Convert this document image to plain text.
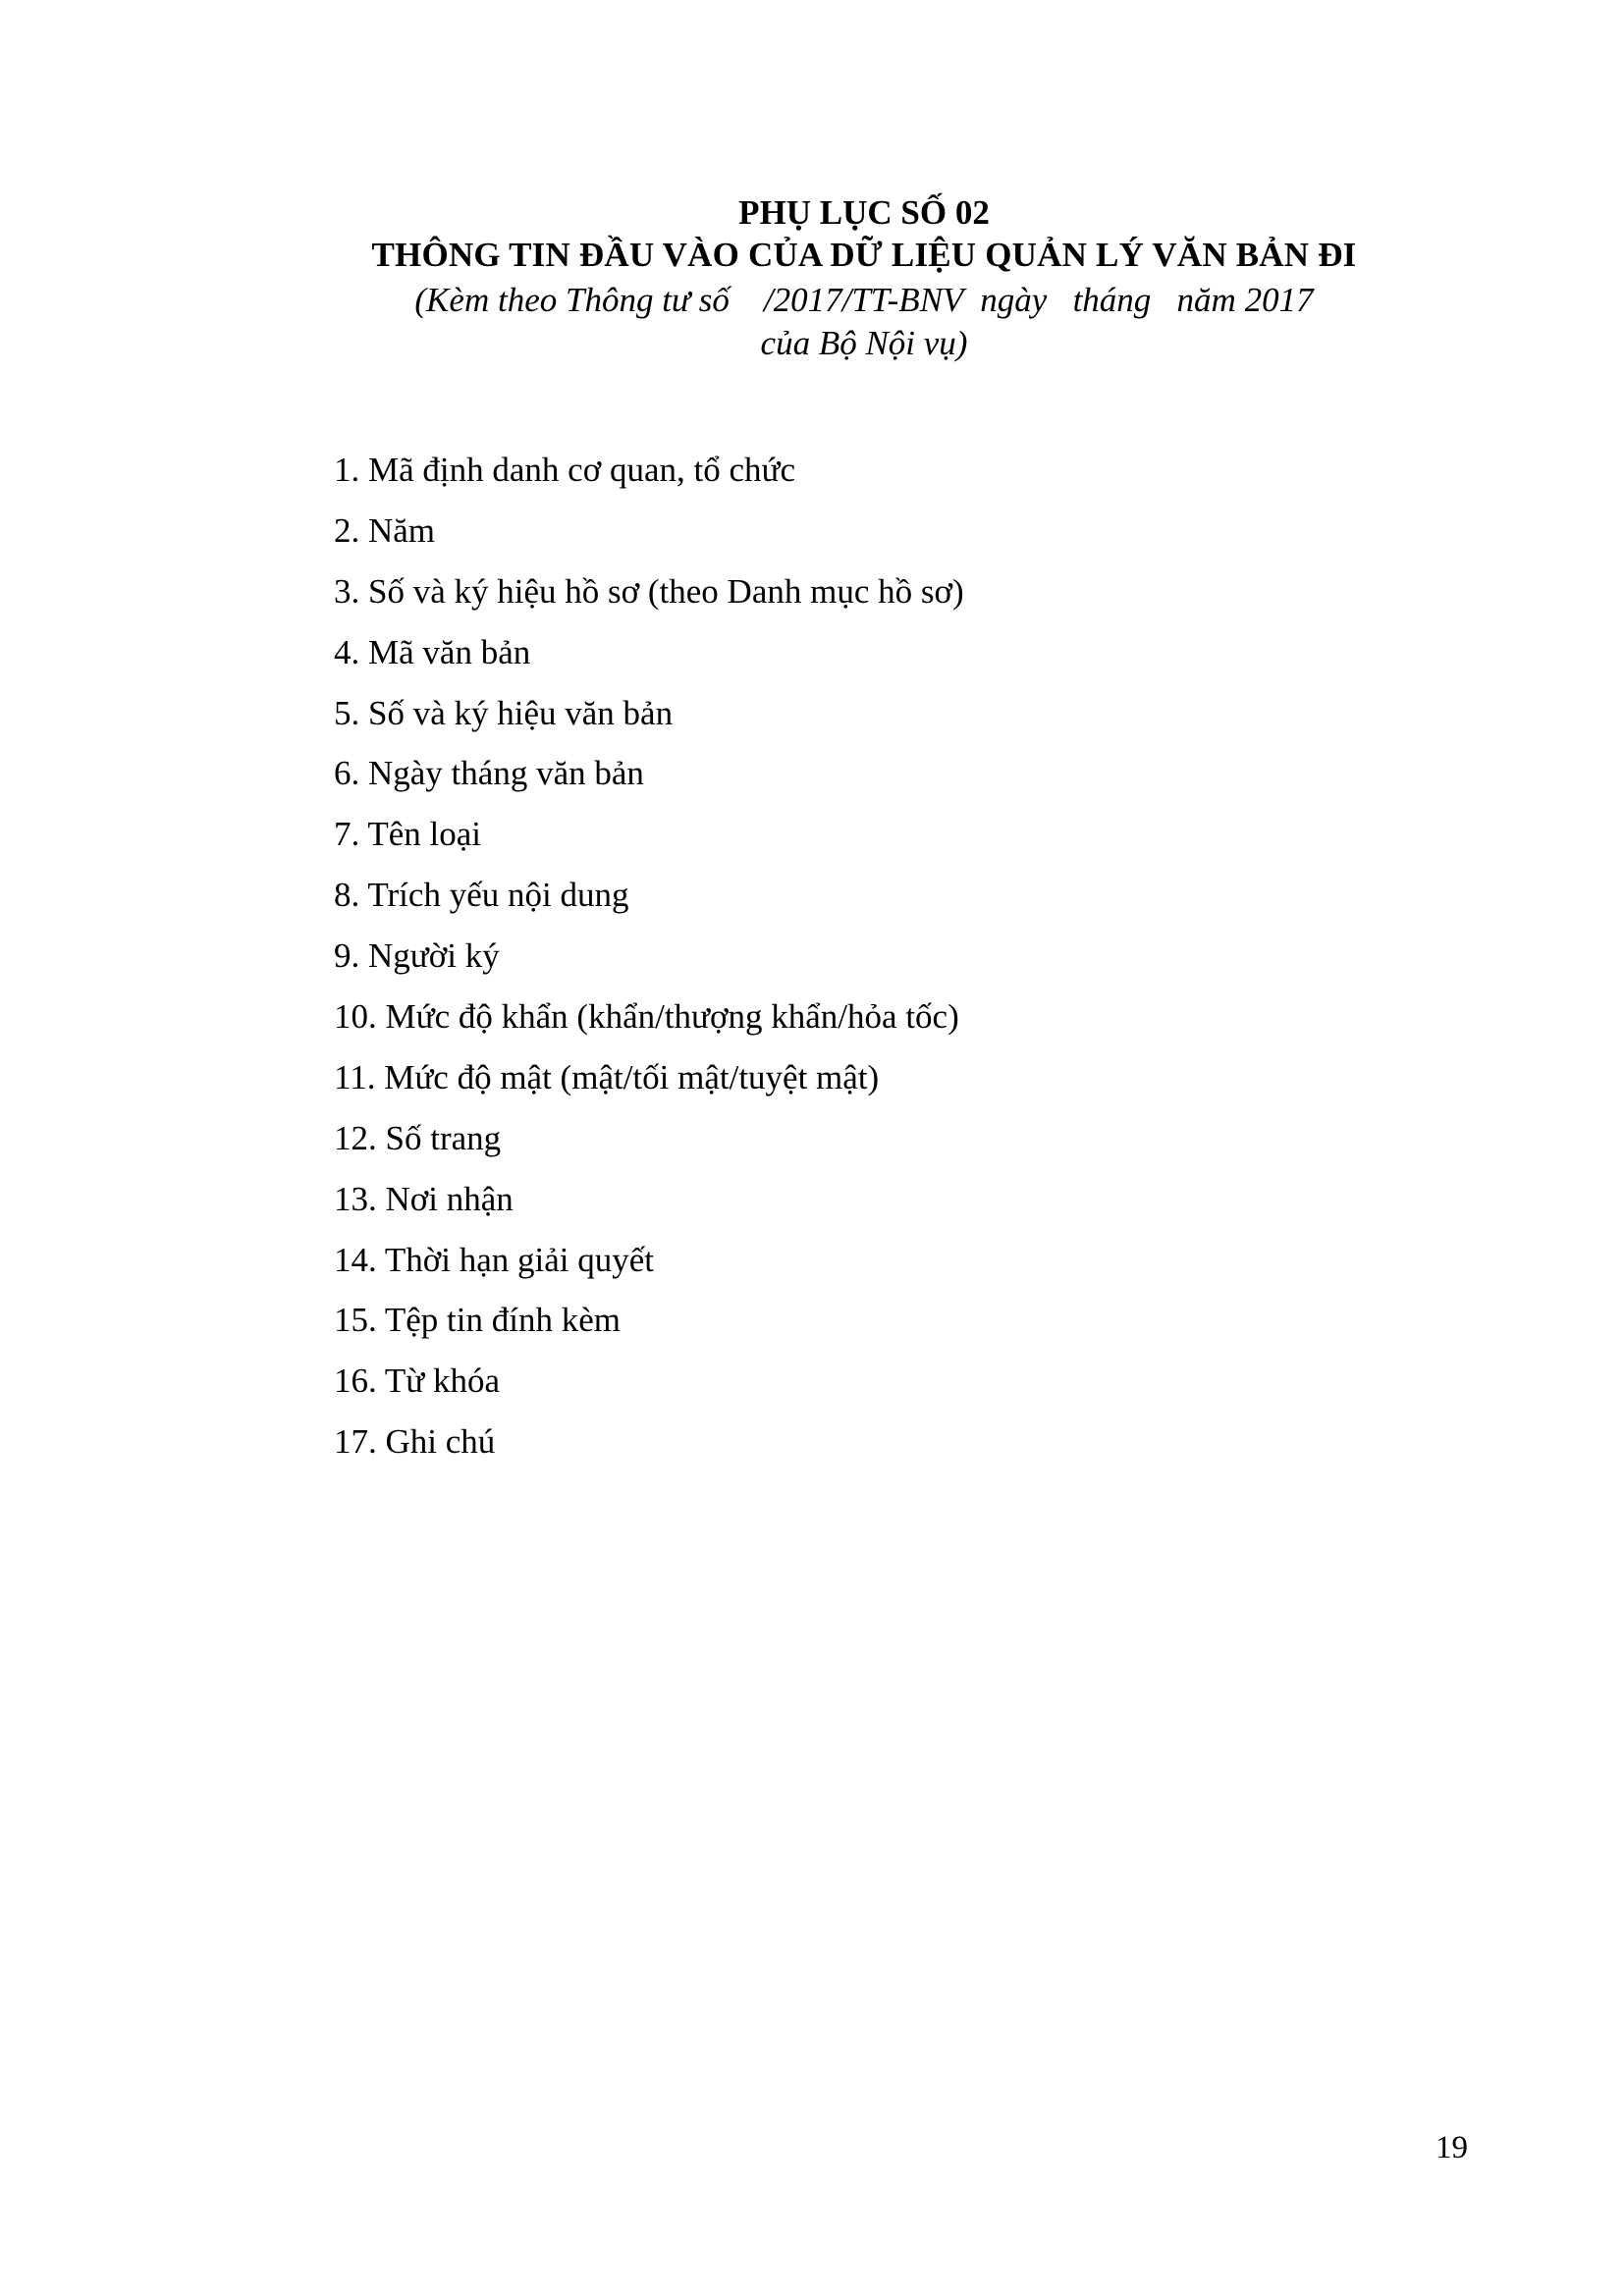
PHỤ LỤC SỐ 02

THÔNG TIN ĐẦU VÀO CỦA DỮ LIỆU QUẢN LÝ VĂN BẢN ĐI

(Kèm theo Thông tư số    /2017/TT-BNV  ngày   tháng   năm 2017

của Bộ Nội vụ)

1. Mã định danh cơ quan, tổ chức
2. Năm
3. Số và ký hiệu hồ sơ (theo Danh mục hồ sơ)
4. Mã văn bản
5. Số và ký hiệu văn bản
6. Ngày tháng văn bản
7. Tên loại
8. Trích yếu nội dung
9. Người ký
10. Mức độ khẩn (khẩn/thượng khẩn/hỏa tốc)
11. Mức độ mật (mật/tối mật/tuyệt mật)
12. Số trang
13. Nơi nhận
14. Thời hạn giải quyết
15. Tệp tin đính kèm
16. Từ khóa
17. Ghi chú
19
